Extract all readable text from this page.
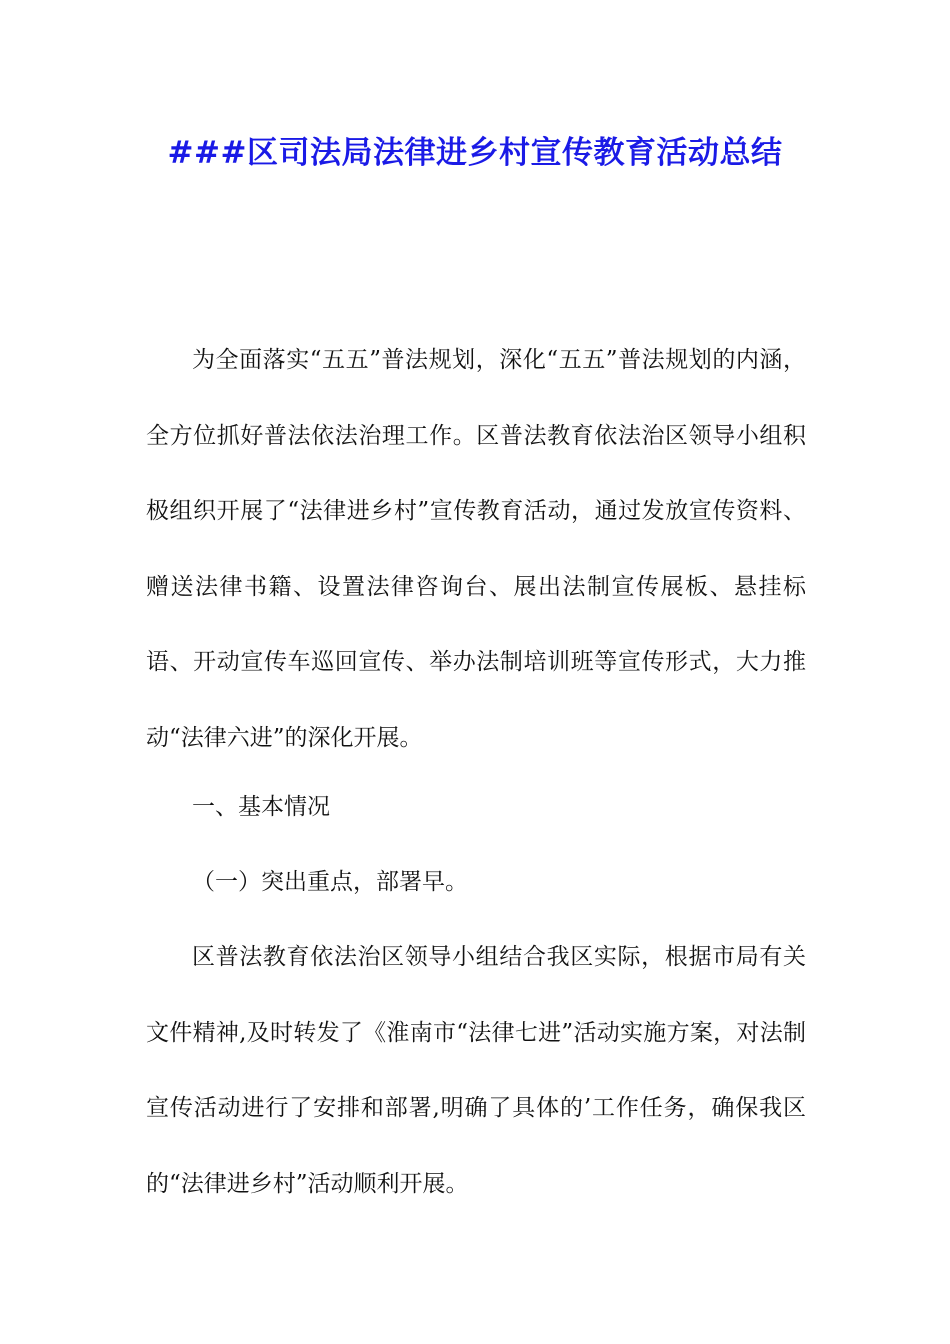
###区司法局法律进乡村宣传教育活动总结

为全面落实“五五”普法规划，深化“五五”普法规划的内涵，全方位抓好普法依法治理工作。区普法教育依法治区领导小组积极组织开展了“法律进乡村”宣传教育活动，通过发放宣传资料、赠送法律书籍、设置法律咨询台、展出法制宣传展板、悬挂标语、开动宣传车巡回宣传、举办法制培训班等宣传形式，大力推动“法律六进”的深化开展。

一、基本情况

（一）突出重点，部署早。

区普法教育依法治区领导小组结合我区实际，根据市局有关文件精神,及时转发了《淮南市“法律七进”活动实施方案，对法制宣传活动进行了安排和部署,明确了具体的’工作任务，确保我区的“法律进乡村”活动顺利开展。
